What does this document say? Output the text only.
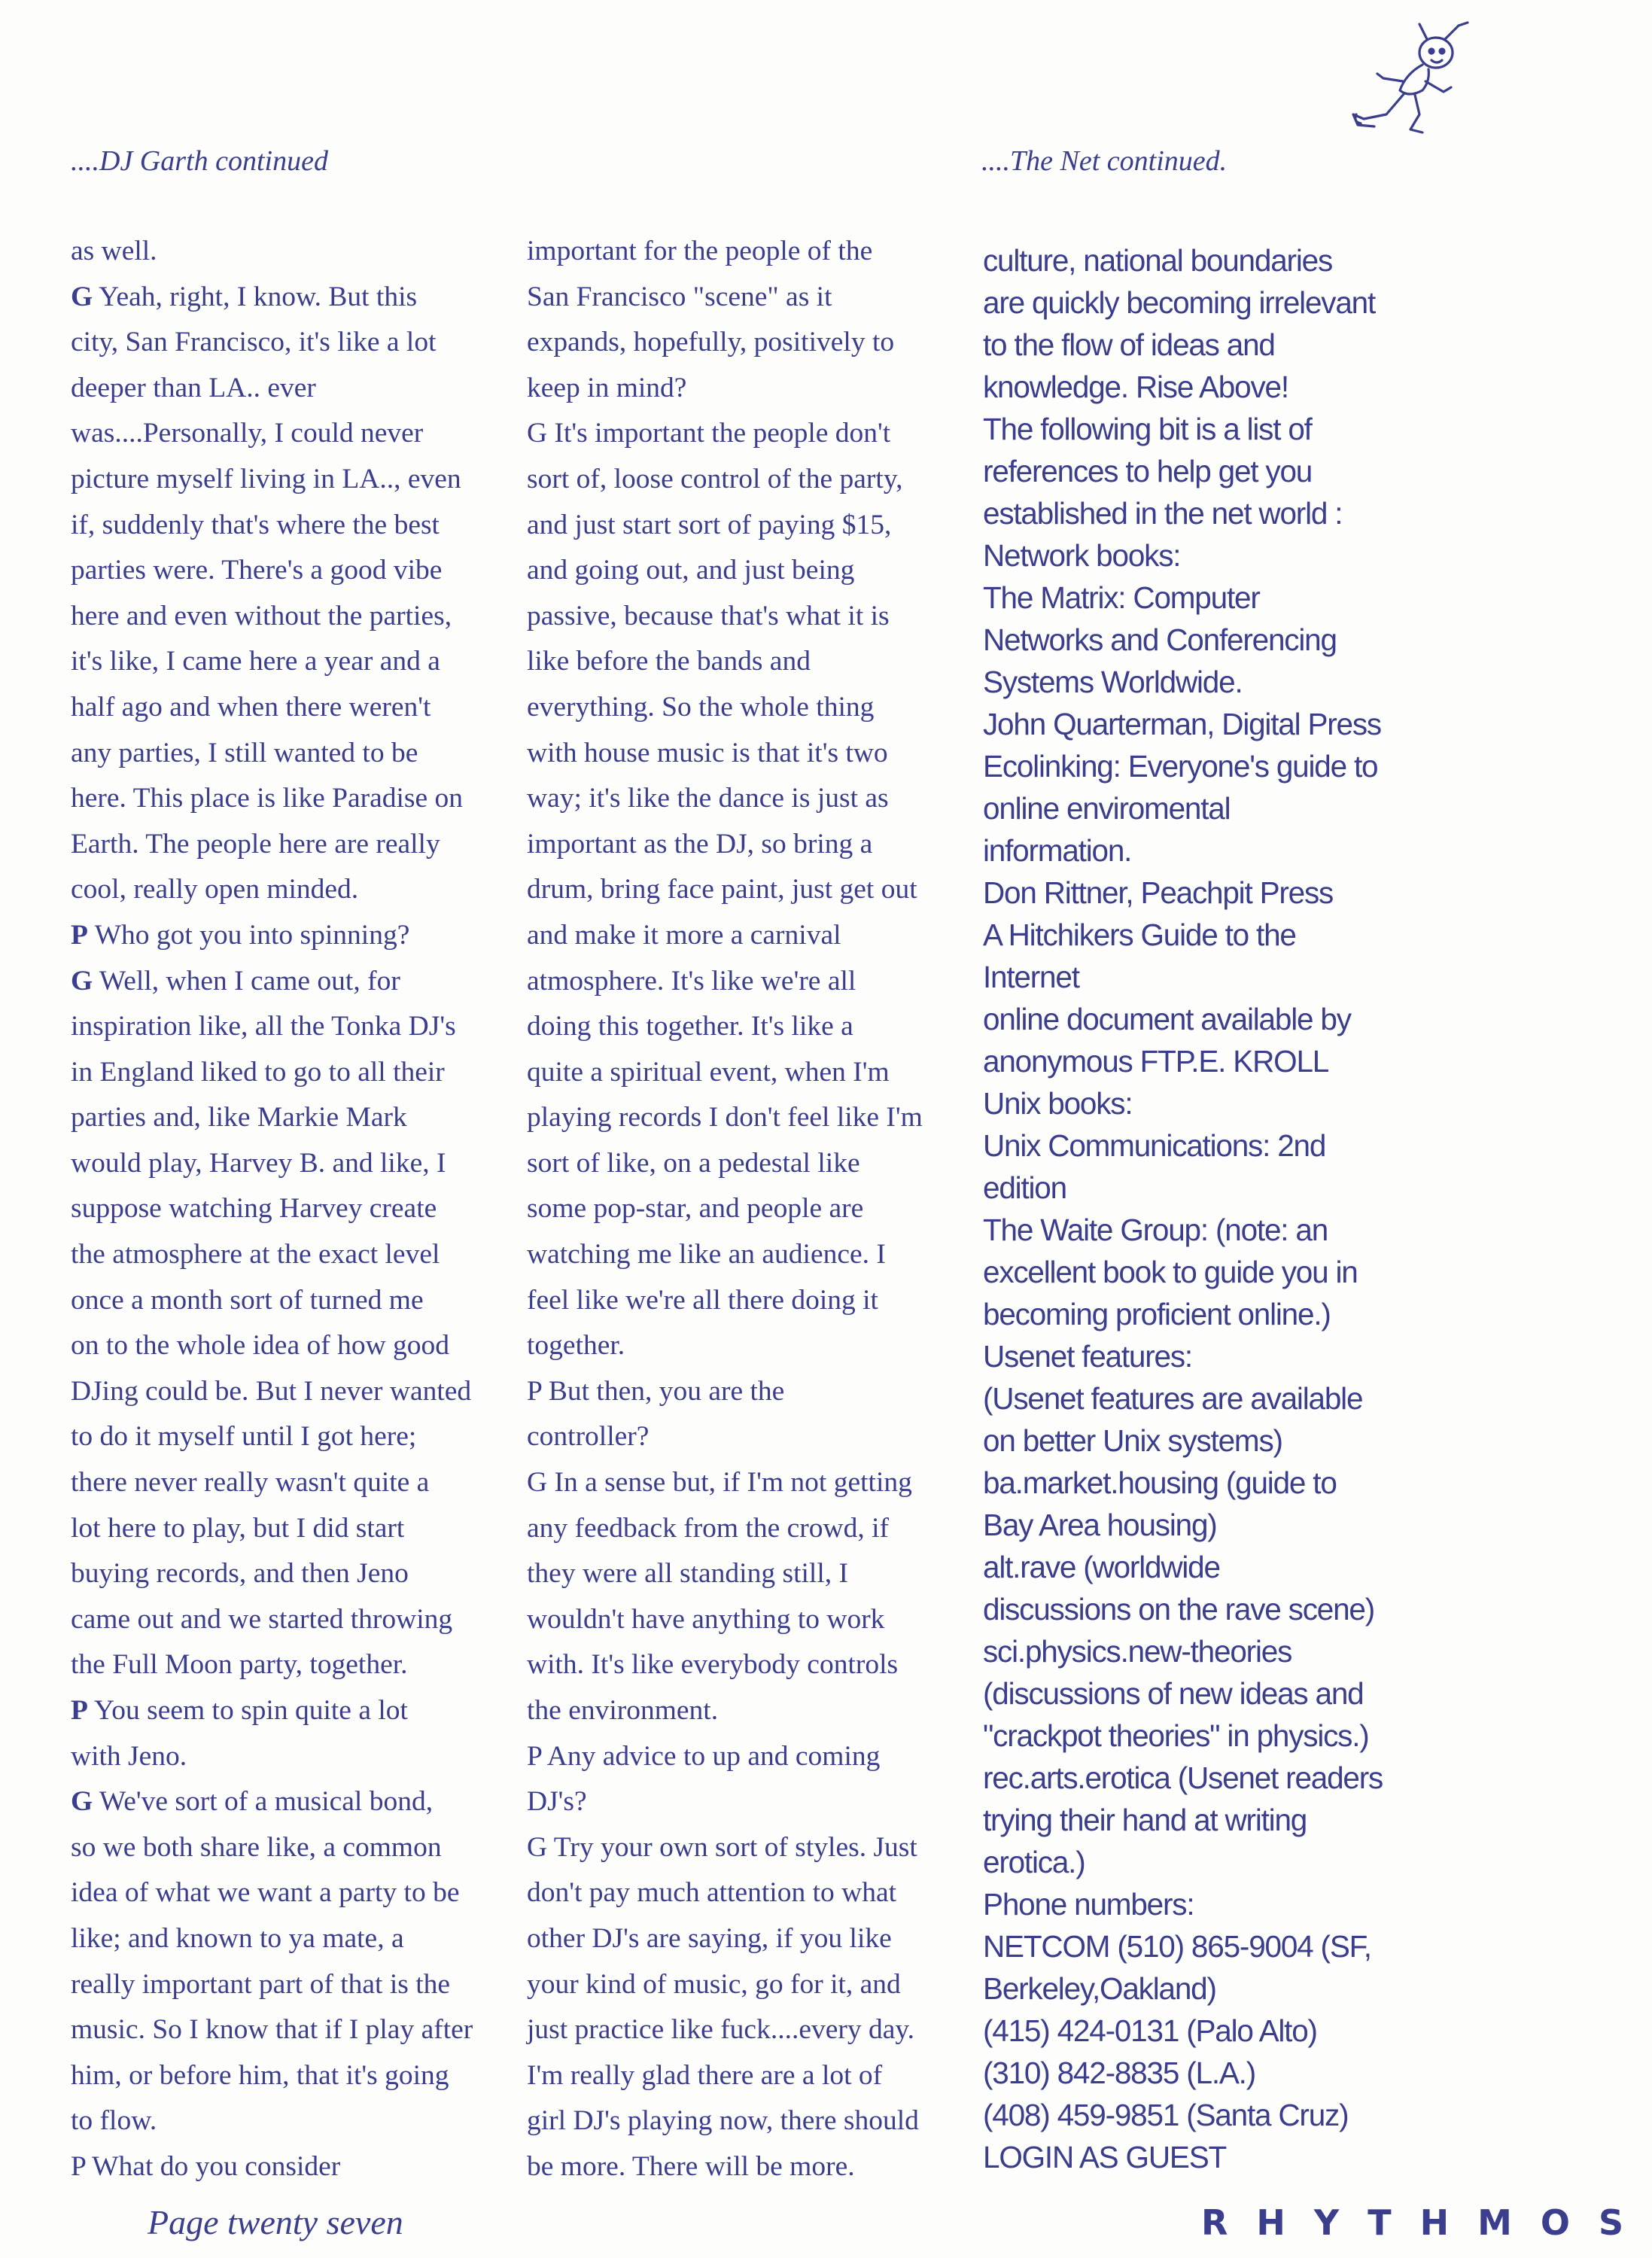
....DJ Garth continued	....The Net continued.

as well.

G Yeah, right, I know. But this

city, San Francisco, it's like a lot

deeper than LA.. ever

was....Personally, I could never

picture myself living in LA.., even

if, suddenly that's where the best

parties were. There's a good vibe

here and even without the parties,

it's like, I came here a year and a

half ago and when there weren't

any parties, I still wanted to be

here. This place is like Paradise on

Earth. The people here are really

cool, really open minded.

P Who got you into spinning?

G Well, when I came out, for

inspiration like, all the Tonka DJ's

in England liked to go to all their

parties and, like Markie Mark

would play, Harvey B. and like, I

suppose watching Harvey create

the atmosphere at the exact level

once a month sort of turned me

on to the whole idea of how good

DJing could be. But I never wanted

to do it myself until I got here;

there never really wasn't quite a

lot here to play, but I did start

buying records, and then Jeno

came out and we started throwing

the Full Moon party, together.

P You seem to spin quite a lot

with Jeno.

G We've sort of a musical bond,

so we both share like, a common

idea of what we want a party to be

like; and known to ya mate, a

really important part of that is the

music. So I know that if I play after

him, or before him, that it's going

to flow.

P What do you consider

important for the people of the

San Francisco "scene" as it

expands, hopefully, positively to

keep in mind?

G It's important the people don't

sort of, loose control of the party,

and just start sort of paying $15,

and going out, and just being

passive, because that's what it is

like before the bands and

everything. So the whole thing

with house music is that it's two

way; it's like the dance is just as

important as the DJ, so bring a

drum, bring face paint, just get out

and make it more a carnival

atmosphere. It's like we're all

doing this together. It's like a

quite a spiritual event, when I'm

playing records I don't feel like I'm

sort of like, on a pedestal like

some pop-star, and people are

watching me like an audience. I

feel like we're all there doing it

together.

P But then, you are the

controller?

G In a sense but, if I'm not getting

any feedback from the crowd, if

they were all standing still, I

wouldn't have anything to work

with. It's like everybody controls

the environment.

P Any advice to up and coming

DJ's?

G Try your own sort of styles. Just

don't pay much attention to what

other DJ's are saying, if you like

your kind of music, go for it, and

just practice like fuck....every day.

I'm really glad there are a lot of

girl DJ's playing now, there should

be more. There will be more.

culture, national boundaries

are quickly becoming irrelevant

to the flow of ideas and

knowledge. Rise Above!

The following bit is a list of

references to help get you

established in the net world :

Network books:

The Matrix: Computer

Networks and Conferencing

Systems Worldwide.

John Quarterman, Digital Press

Ecolinking: Everyone's guide to

online enviromental

information.

Don Rittner, Peachpit Press

A Hitchikers Guide to the

Internet

online document available by

anonymous FTP.E. KROLL

Unix books:

Unix Communications: 2nd

edition

The Waite Group: (note: an

excellent book to guide you in

becoming proficient online.)

Usenet features:

(Usenet features are available

on better Unix systems)

ba.market.housing (guide to

Bay Area housing)

alt.rave (worldwide

discussions on the rave scene)

sci.physics.new-theories

(discussions of new ideas and

"crackpot theories" in physics.)

rec.arts.erotica (Usenet readers

trying their hand at writing

erotica.)

Phone numbers:

NETCOM (510) 865-9004 (SF,

Berkeley,Oakland)

(415) 424-0131 (Palo Alto)

(310) 842-8835 (L.A.)

(408) 459-9851 (Santa Cruz)

LOGIN AS GUEST

Page twenty seven	RHYTHMOS
